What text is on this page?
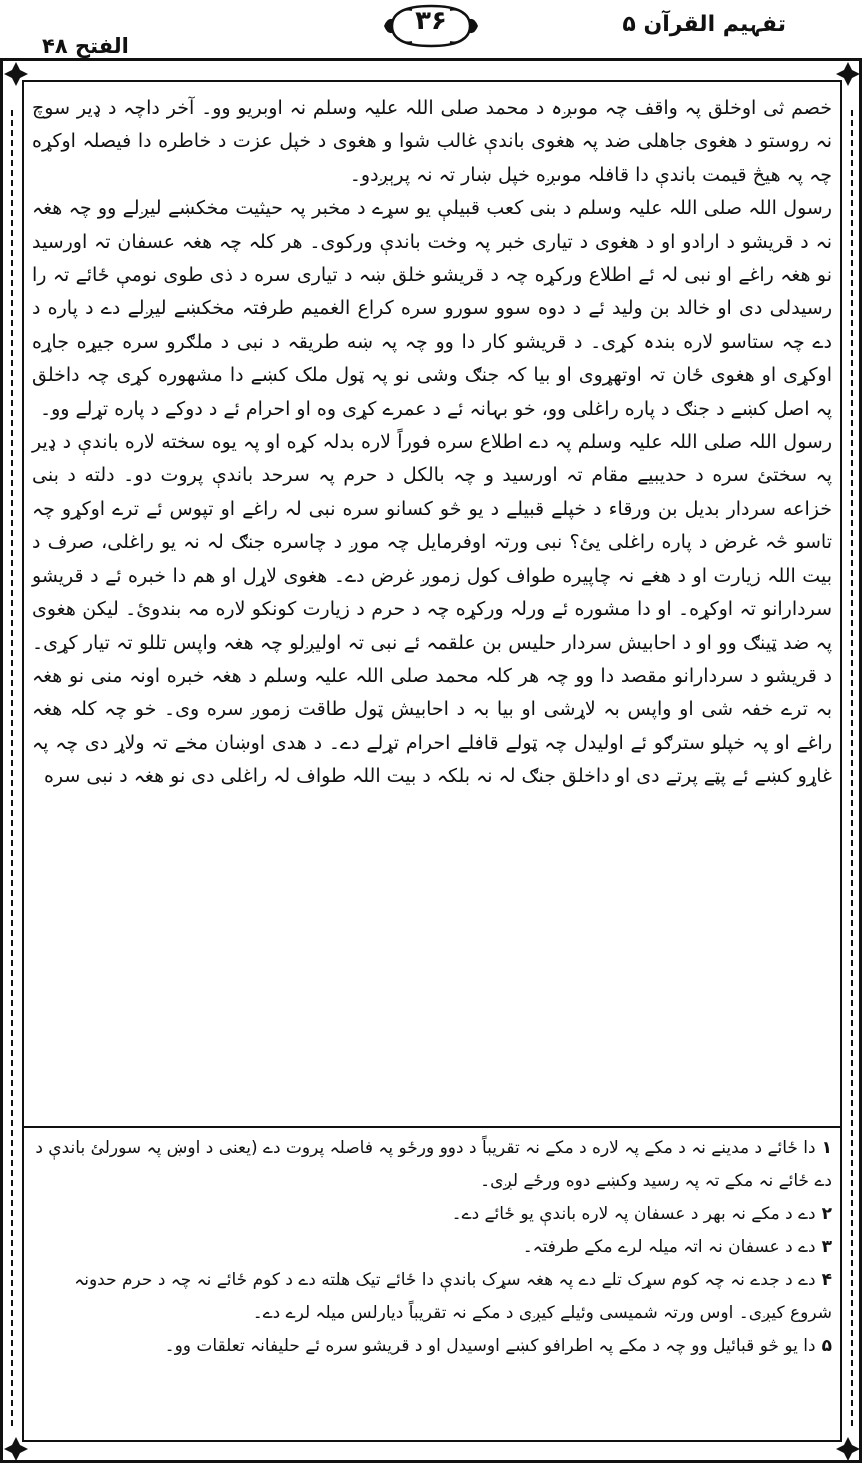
تفہیم القرآن ۵
۳۶
الفتح ۴۸

خصم ثی اوخلق پہ واقف چہ موںږہ د محمد صلی اللہ علیہ وسلم نہ اوبریو وو۔ آخر داچہ د ډیر سوچ نہ روستو د هغوی جاهلی ضد پہ هغوی باندې غالب شوا و هغوی د خپل عزت د خاطره دا فیصلہ اوکړه چہ پہ هیڅ قیمت باندې دا قافلہ موںږه خپل ښار تہ نہ پرېږدو۔

رسول اللہ صلی اللہ علیہ وسلم د بنی کعب قبیلې یو سړے د مخبر پہ حیثیت مخکښے لیږلے وو چہ هغہ نہ د قریشو د ارادو او د هغوی د تیاری خبر پہ وخت باندې ورکوی۔ هر کلہ چہ هغہ عسفان تہ اورسید نو هغہ راغے او نبی لہ ئے اطلاع ورکړه چہ د قریشو خلق ښہ د تیاری سره د ذی طوی نومې ځائے تہ را رسیدلی دی او خالد بن ولید ئے د دوه سوو سورو سره کراع الغمیم طرفتہ مخکښے لیږلے دے د پاره د دے چہ ستاسو لاره بندہ کړی۔ د قریشو کار دا وو چہ پہ ښه طریقہ د نبی د ملګرو سره جیړه جاړه اوکړی او هغوی ځان تہ اوتهړوی او بیا کہ جنګ وشی نو پہ ټول ملک کښے دا مشهوره کړی چہ داخلق پہ اصل کښے د جنګ د پاره راغلی وو، خو بہانہ ئے د عمرے کړی وه او احرام ئے د دوکے د پاره تړلے وو۔

رسول اللہ صلی اللہ علیہ وسلم پہ دے اطلاع سره فوراً لاره بدلہ کړه او پہ یوه سخته لاره باندې د ډیر پہ سختئ سره د حدیبیے مقام تہ اورسید و چہ بالکل د حرم پہ سرحد باندې پروت دو۔ دلته د بنی خزاعه سردار بدیل بن ورقاء د خپلے قبیلے د یو څو کسانو سره نبی لہ راغے او تپوس ئے ترے اوکړو چہ تاسو څہ غرض د پاره راغلی یئ؟ نبی ورتہ اوفرمایل چہ موږ د چاسره جنګ لہ نہ یو راغلی، صرف د بیت اللہ زیارت او د هغے نہ چاپیره طواف کول زموږ غرض دے۔ هغوی لاړل او هم دا خبره ئے د قریشو سردارانو تہ اوکړه۔ او دا مشوره ئے ورلہ ورکړه چہ د حرم د زیارت کونکو لاره مہ بندوئ۔ لیکن هغوی پہ ضد ټینګ وو او د احابیش سردار حلیس بن علقمہ ئے نبی تہ اولیږلو چہ هغہ واپس تللو تہ تیار کړی۔ د قریشو د سردارانو مقصد دا وو چہ هر کلہ محمد صلی اللہ علیہ وسلم د هغہ خبره اونہ منی نو هغہ بہ ترے خفہ شی او واپس بہ لاړشی او بیا بہ د احابیش ټول طاقت زموږ سره وی۔ خو چہ کلہ هغہ راغے او پہ خپلو سترګو ئے اولیدل چہ ټولے قافلے احرام تړلے دے۔ د هدی اوښان مخے تہ ولاړ دی چہ پہ غاړو کښے ئے پټے پرتے دی او داخلق جنګ لہ نہ بلکہ د بیت اللہ طواف لہ راغلی دی نو هغہ د نبی سره

۱دا ځائے د مدینے نہ د مکے پہ لاره د مکے نہ تقریباً د دوو ورځو پہ فاصلہ پروت دے (یعنی د اوښ پہ سورلئ باندې د دے ځائے نہ مکے تہ پہ رسید وکښے دوه ورځے لږی۔

۲دے د مکے نہ بهر د عسفان پہ لاره باندې یو ځائے دے۔

۳دے د عسفان نہ اتہ میلہ لرے مکے طرفتہ۔

۴دے د جدے نہ چہ کوم سړک تلے دے پہ هغہ سړک باندې دا ځائے تیک هلته دے د کوم ځائے نہ چہ د حرم حدونہ شروع کیږی۔ اوس ورتہ شمیسی وئیلے کیږی د مکے نہ تقریباً دیارلس میلہ لرے دے۔

۵دا یو څو قبائیل وو چہ د مکے پہ اطرافو کښے اوسیدل او د قریشو سره ئے حلیفانہ تعلقات وو۔
